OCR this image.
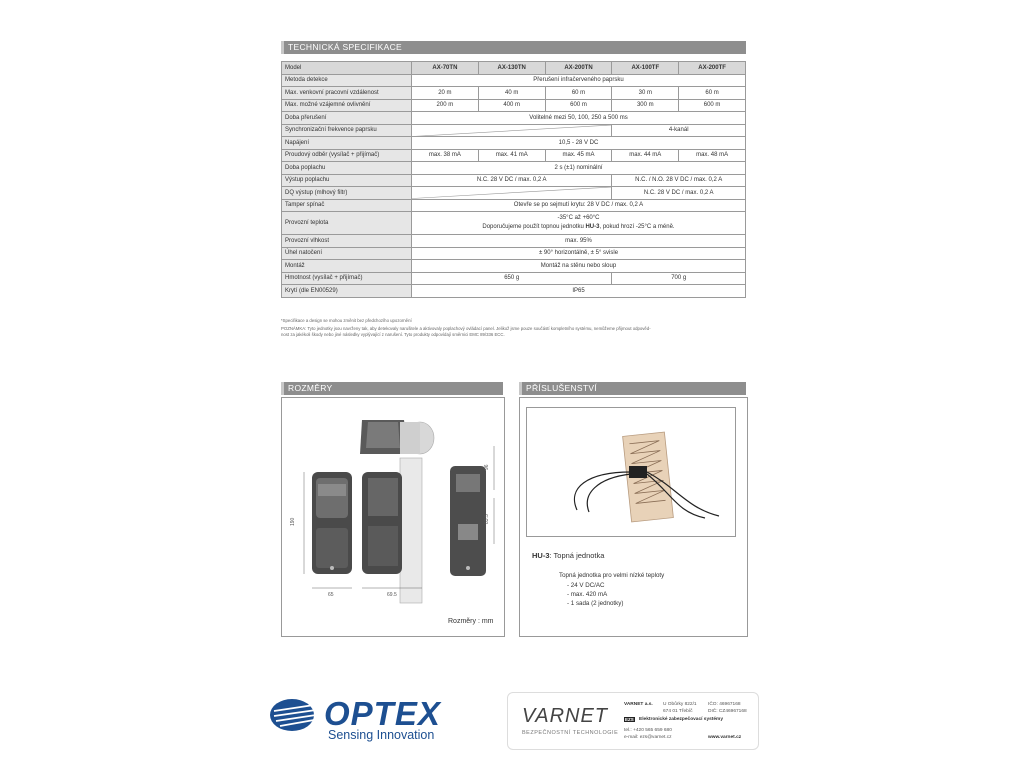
TECHNICKÁ SPECIFIKACE
Model	AX-70TN	AX-130TN	AX-200TN	AX-100TF	AX-200TF
Metoda detekce	Přerušení infračerveného paprsku				
Max. venkovní pracovní vzdálenost	20 m	40 m	60 m	30 m	60 m
Max. možné vzájemné ovlivnění	200 m	400 m	600 m	300 m	600 m
Doba přerušení	Volitelné mezi 50, 100, 250 a 500 ms				
Synchronizační frekvence paprsku				4-kanál	
Napájení	10,5 - 28 V DC				
Proudový odběr (vysílač + přijímač)	max. 38 mA	max. 41 mA	max. 45 mA	max. 44 mA	max. 48 mA
Doba poplachu	2 s (±1) nominální				
Výstup poplachu	N.C. 28 V DC / max. 0,2 A			N.C. / N.O. 28 V DC / max. 0,2 A	
DQ výstup (mlhový filtr)				N.C. 28 V DC / max. 0,2 A	
Tamper spínač	Otevře se po sejmutí krytu: 28 V DC / max. 0,2 A				
Provozní teplota	-35°C až +60°C
Doporučujeme použít topnou jednotku HU-3, pokud hrozí -25°C a méně.				

Provozní vlhkost	max. 95%				
Úhel natočení	± 90° horizontálně, ± 5° svisle				
Montáž	Montáž na stěnu nebo sloup				
Hmotnost (vysílač + přijímač)	650 g			700 g	
Krytí (dle EN00529)	IP65				
*Specifikace a design se mohou změnit bez předchozího upozornění
POZNÁMKA: Tyto jednotky jsou navrženy tak, aby detekovaly narušitele a aktivovaly poplachový ovládací panel. Jelikož jsme pouze součástí kompletního systému, nemůžeme přijmout odpověd-
nost za jakékoli škody nebo jiné následky vyplývající z narušení. Tyto produkty odpovídají směrnici EMC 89/336 ECC.
ROZMĚRY
65	69.5
190	83.5
96
Rozměry : mm
PŘÍSLUŠENSTVÍ
HU-3: Topná jednotka
Topná jednotka pro velmi nízké teploty
- 24 V DC/AC
- max. 420 mA
- 1 sada (2 jednotky)
OPTEX
Sensing Innovation
VARNET
BEZPEČNOSTNÍ TECHNOLOGIE
VARNET a.s. U Obůrky 822/1
674 01 Třebíč
IČO: 46967168
DIČ: CZ46967168
EZS Elektronické zabezpečovací systémy
tel.: +420 565 659 680
e-mail: ezs@varnet.cz	www.varnet.cz
